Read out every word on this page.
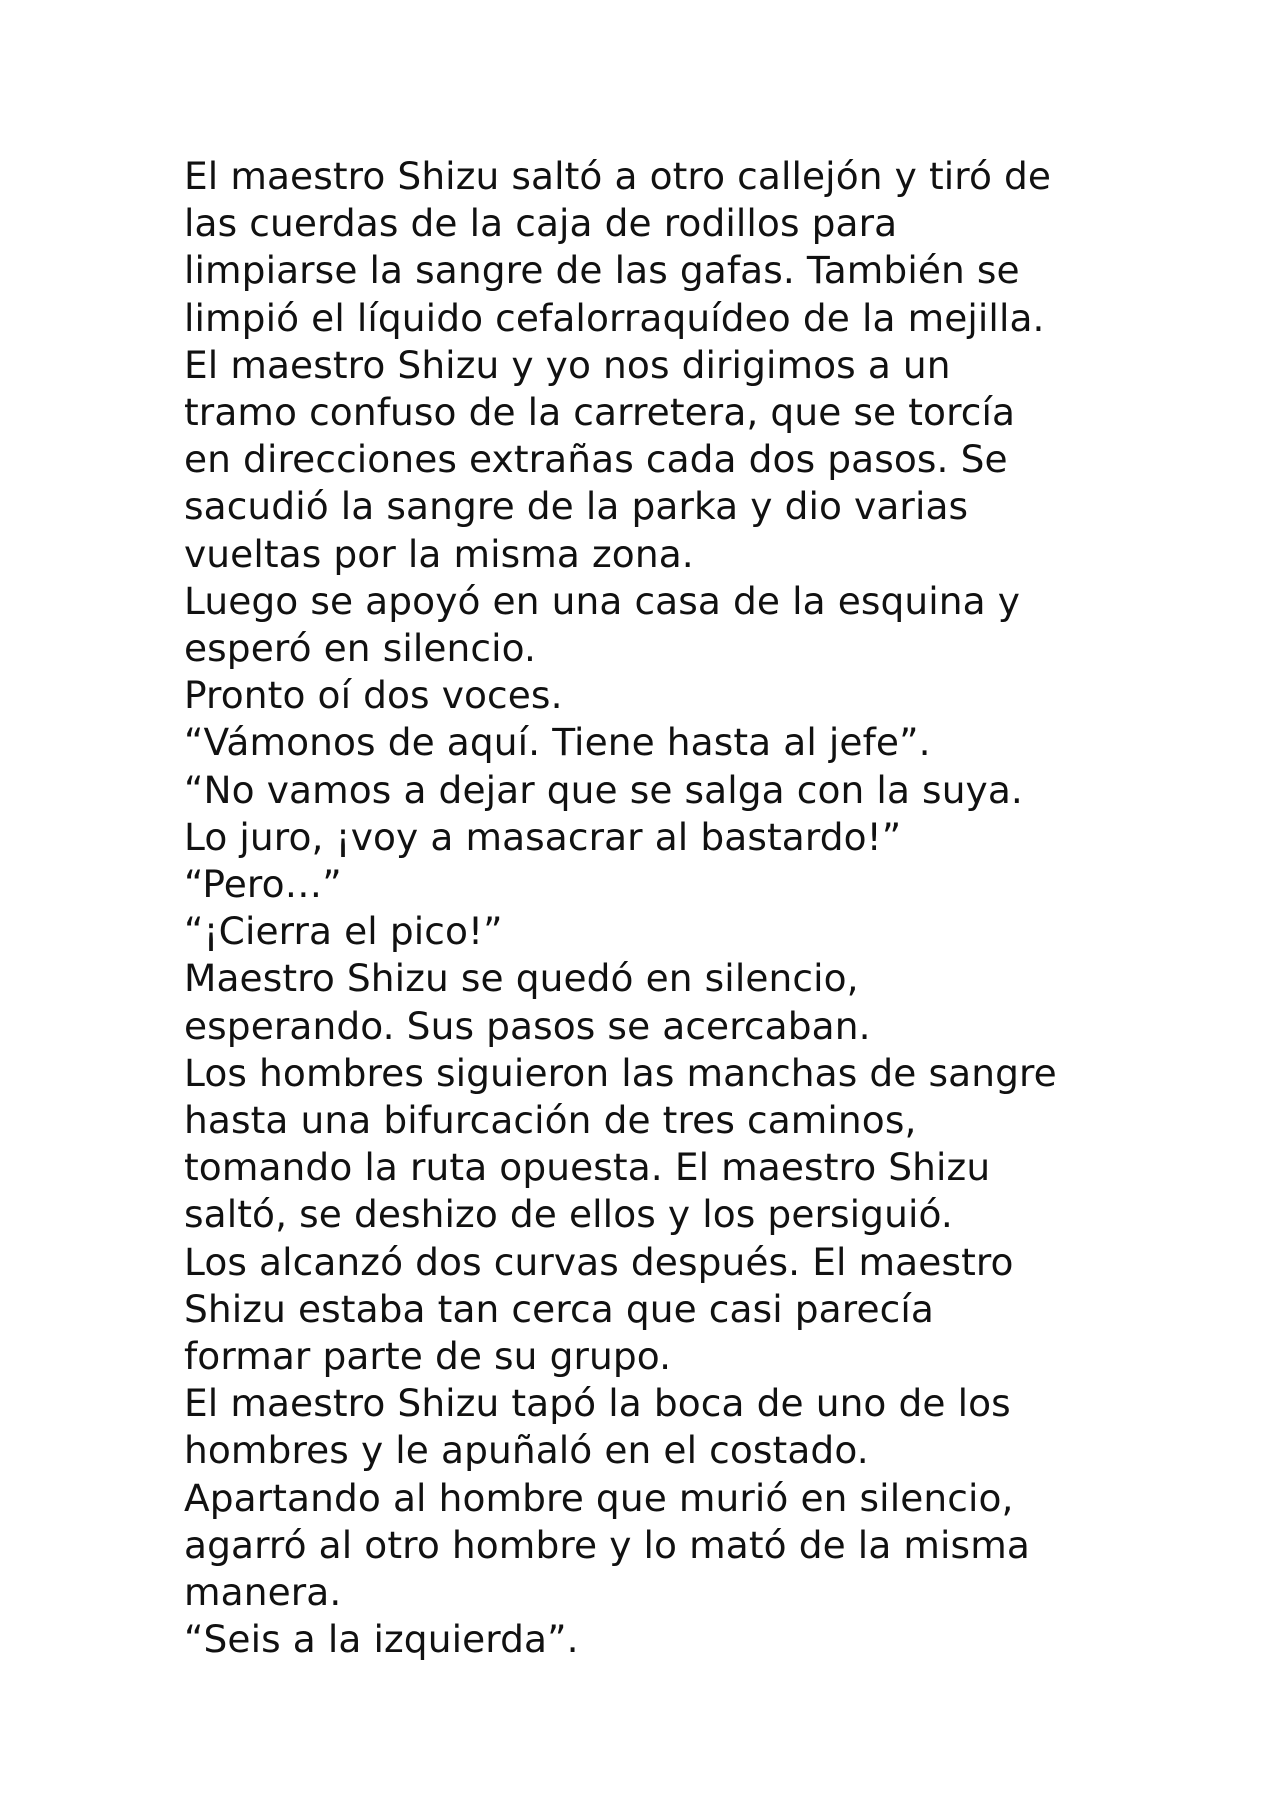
El maestro Shizu saltó a otro callejón y tiró de
las cuerdas de la caja de rodillos para
limpiarse la sangre de las gafas. También se
limpió el líquido cefalorraquídeo de la mejilla.
El maestro Shizu y yo nos dirigimos a un
tramo confuso de la carretera, que se torcía
en direcciones extrañas cada dos pasos. Se
sacudió la sangre de la parka y dio varias
vueltas por la misma zona.
Luego se apoyó en una casa de la esquina y
esperó en silencio.
Pronto oí dos voces.
“Vámonos de aquí. Tiene hasta al jefe”.
“No vamos a dejar que se salga con la suya.
Lo juro, ¡voy a masacrar al bastardo!”
“Pero…”
“¡Cierra el pico!”
Maestro Shizu se quedó en silencio,
esperando. Sus pasos se acercaban.
Los hombres siguieron las manchas de sangre
hasta una bifurcación de tres caminos,
tomando la ruta opuesta. El maestro Shizu
saltó, se deshizo de ellos y los persiguió.
Los alcanzó dos curvas después. El maestro
Shizu estaba tan cerca que casi parecía
formar parte de su grupo.
El maestro Shizu tapó la boca de uno de los
hombres y le apuñaló en el costado.
Apartando al hombre que murió en silencio,
agarró al otro hombre y lo mató de la misma
manera.
“Seis a la izquierda”.
